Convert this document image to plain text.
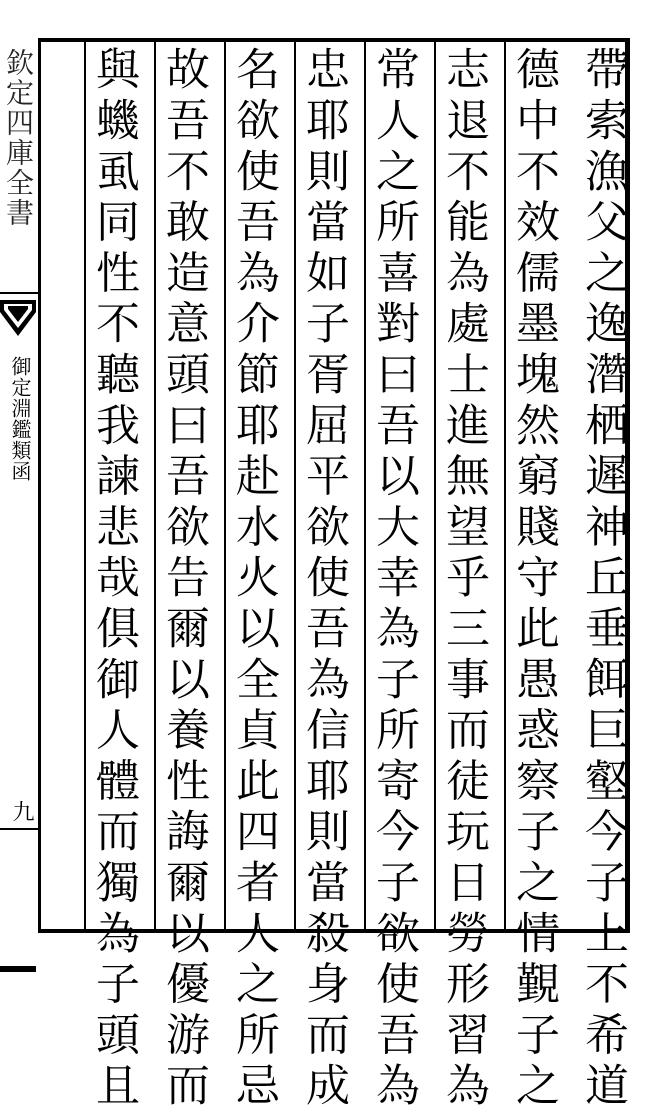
欽定四庫全書
御定淵鑑類函
九	帶索漁父之逸濳栖遲神丘垂餌巨壑今子上不希道
德中不效儒墨塊然窮賤守此愚惑察子之情覲子之
志退不能為處士進無望乎三事而徒玩日勞形習為
常人之所喜對曰吾以大幸為子所寄今子欲使吾為
忠耶則當如子胥屈平欲使吾為信耶則當殺身而成
名欲使吾為介節耶赴水火以全貞此四者人之所忌
故吾不敢造意頭曰吾欲告爾以養性誨爾以優游而
與蟣虱同性不聽我諫悲哉俱御人體而獨為子頭且
